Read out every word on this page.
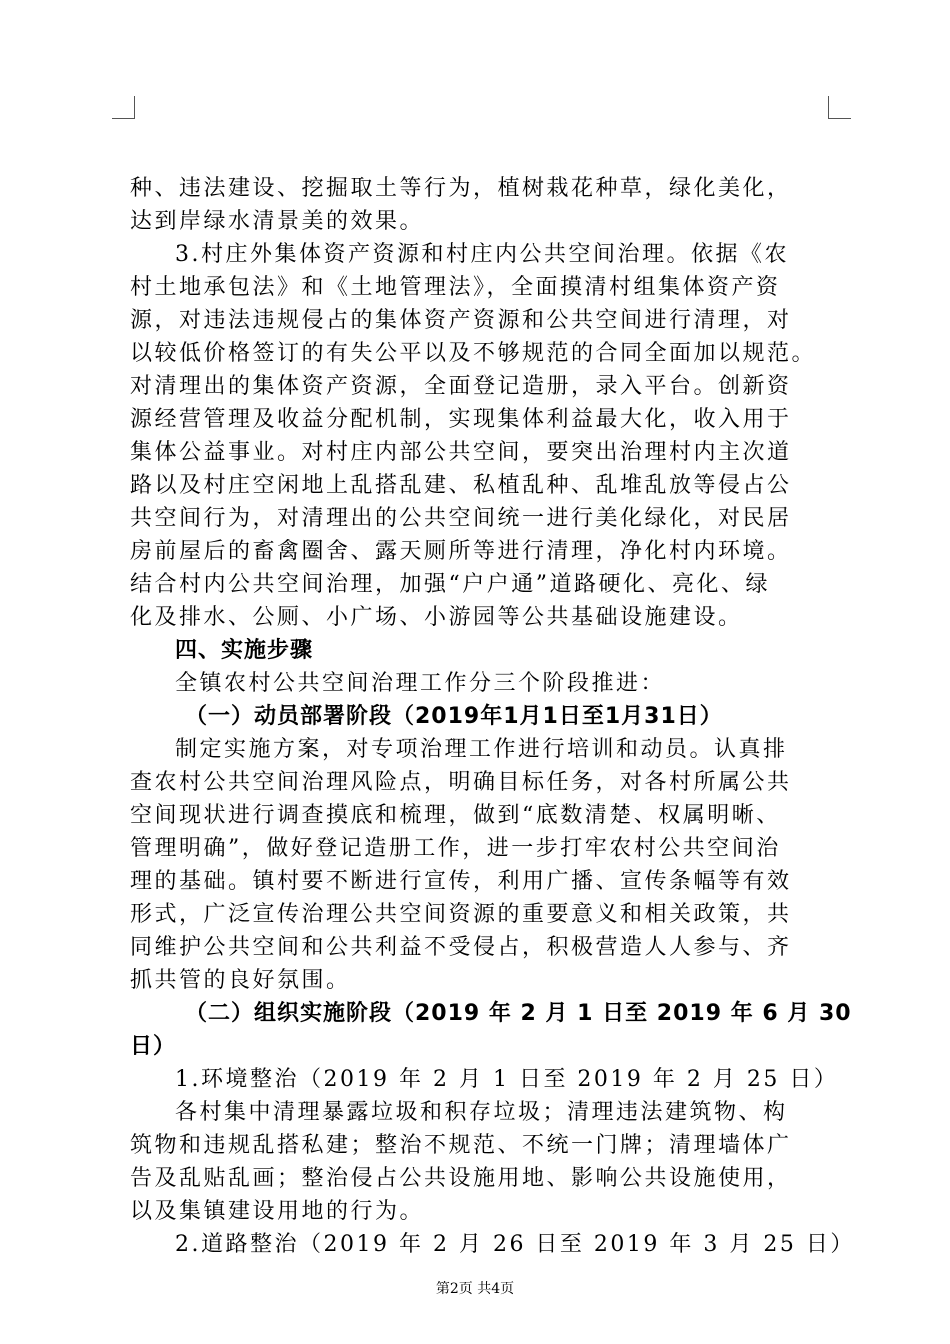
种、违法建设、挖掘取土等行为，植树栽花种草，绿化美化，
达到岸绿水清景美的效果。
3.村庄外集体资产资源和村庄内公共空间治理。依据《农
村土地承包法》和《土地管理法》，全面摸清村组集体资产资
源，对违法违规侵占的集体资产资源和公共空间进行清理，对
以较低价格签订的有失公平以及不够规范的合同全面加以规范。
对清理出的集体资产资源，全面登记造册，录入平台。创新资
源经营管理及收益分配机制，实现集体利益最大化，收入用于
集体公益事业。对村庄内部公共空间，要突出治理村内主次道
路以及村庄空闲地上乱搭乱建、私植乱种、乱堆乱放等侵占公
共空间行为，对清理出的公共空间统一进行美化绿化，对民居
房前屋后的畜禽圈舍、露天厕所等进行清理，净化村内环境。
结合村内公共空间治理，加强“户户通”道路硬化、亮化、绿
化及排水、公厕、小广场、小游园等公共基础设施建设。
四、实施步骤
全镇农村公共空间治理工作分三个阶段推进：
（一）动员部署阶段（2019年1月1日至1月31日）
制定实施方案，对专项治理工作进行培训和动员。认真排
查农村公共空间治理风险点，明确目标任务，对各村所属公共
空间现状进行调查摸底和梳理，做到“底数清楚、权属明晰、
管理明确”，做好登记造册工作，进一步打牢农村公共空间治
理的基础。镇村要不断进行宣传，利用广播、宣传条幅等有效
形式，广泛宣传治理公共空间资源的重要意义和相关政策，共
同维护公共空间和公共利益不受侵占，积极营造人人参与、齐
抓共管的良好氛围。
（二）组织实施阶段（2019 年 2 月 1 日至 2019 年 6 月 30
日）
1.环境整治（2019 年 2 月 1 日至 2019 年 2 月 25 日）
各村集中清理暴露垃圾和积存垃圾；清理违法建筑物、构
筑物和违规乱搭私建；整治不规范、不统一门牌；清理墙体广
告及乱贴乱画；整治侵占公共设施用地、影响公共设施使用，
以及集镇建设用地的行为。
2.道路整治（2019 年 2 月 26 日至 2019 年 3 月 25 日）
第2页 共4页
